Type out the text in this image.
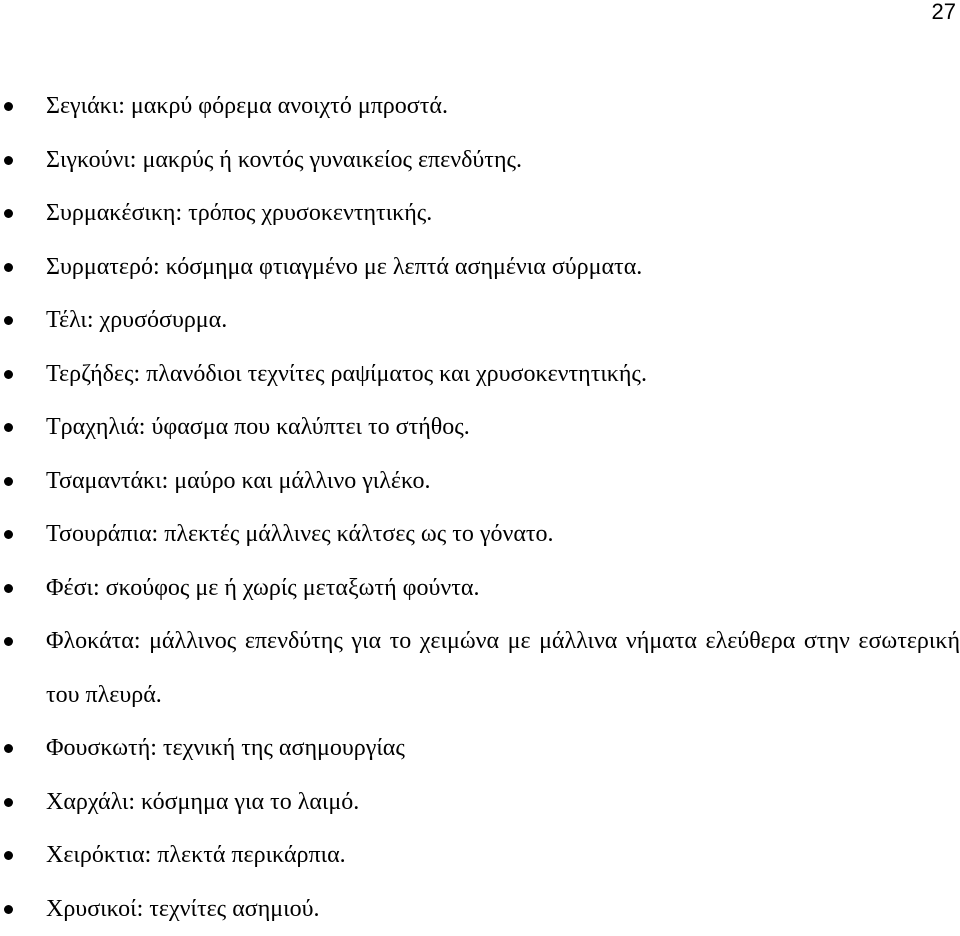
27
Σεγιάκι: μακρύ φόρεμα ανοιχτό μπροστά.
Σιγκούνι: μακρύς ή κοντός γυναικείος επενδύτης.
Συρμακέσικη: τρόπος χρυσοκεντητικής.
Συρματερό: κόσμημα φτιαγμένο με λεπτά ασημένια σύρματα.
Τέλι: χρυσόσυρμα.
Τερζήδες: πλανόδιοι τεχνίτες ραψίματος και χρυσοκεντητικής.
Τραχηλιά: ύφασμα που καλύπτει το στήθος.
Τσαμαντάκι: μαύρο και μάλλινο γιλέκο.
Τσουράπια: πλεκτές μάλλινες κάλτσες ως το γόνατο.
Φέσι: σκούφος με ή χωρίς μεταξωτή φούντα.
Φλοκάτα: μάλλινος επενδύτης για το χειμώνα με μάλλινα νήματα ελεύθερα στην εσωτερική του πλευρά.
Φουσκωτή: τεχνική της ασημουργίας
Χαρχάλι: κόσμημα για το λαιμό.
Χειρόκτια: πλεκτά περικάρπια.
Χρυσικοί: τεχνίτες ασημιού.
